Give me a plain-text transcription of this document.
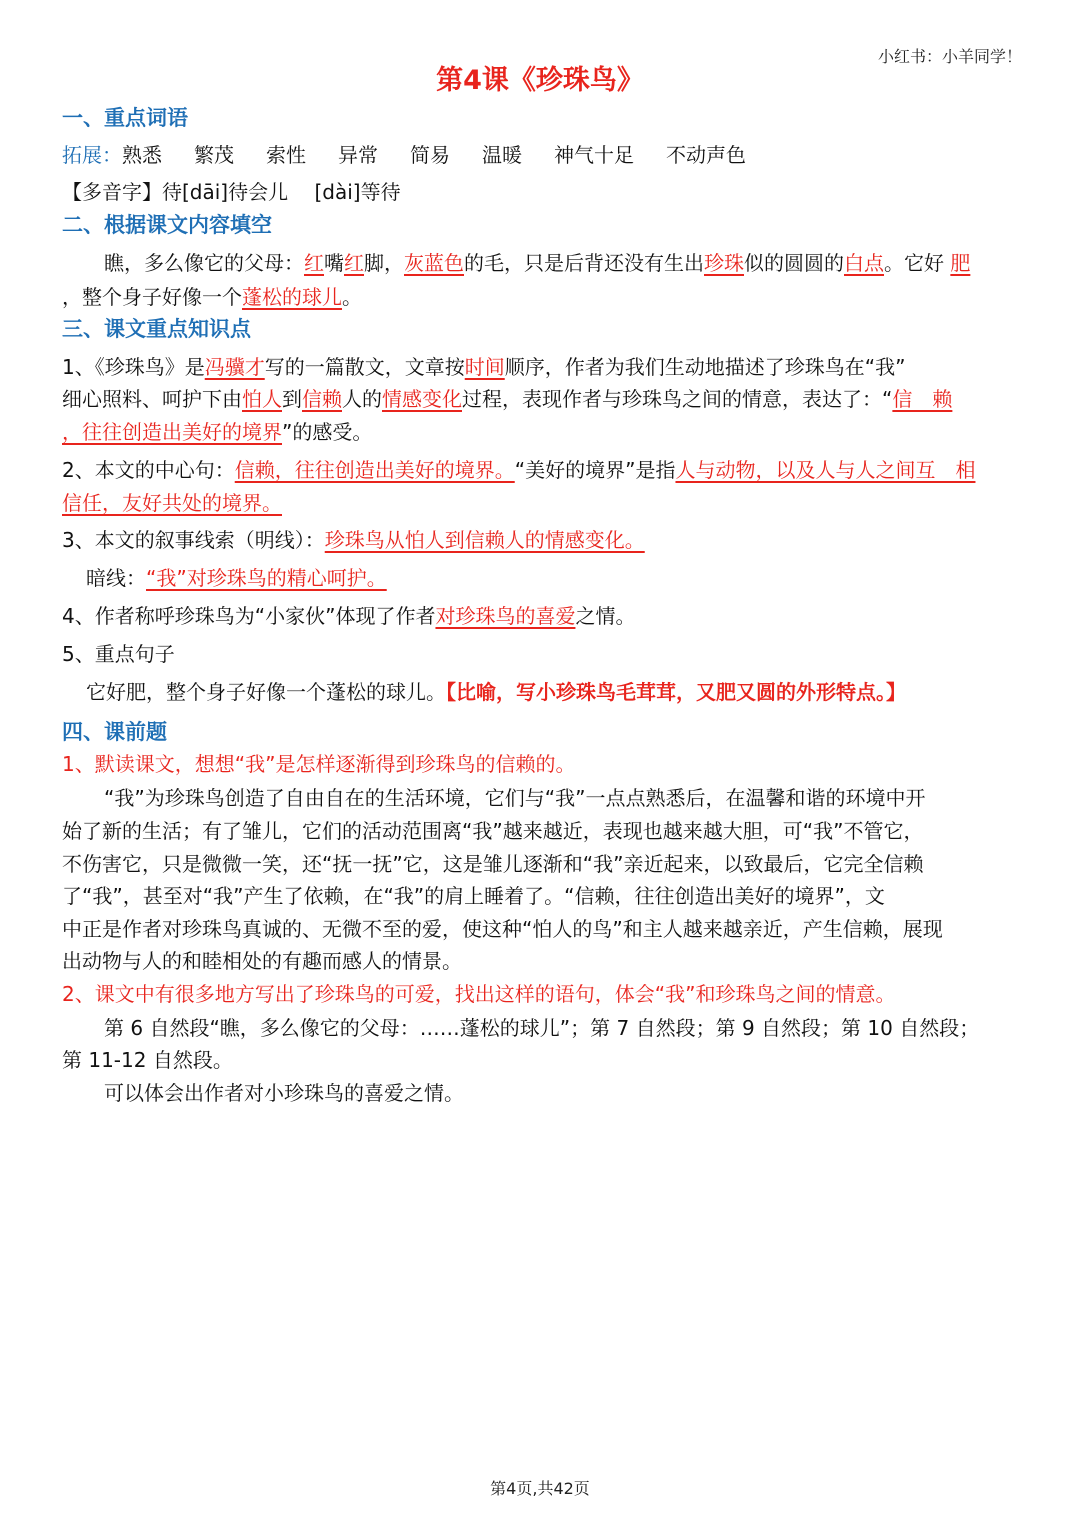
小红书：小羊同学！
第4课《珍珠鸟》
一、重点词语
拓展：熟悉 繁茂 索性 异常 简易 温暖 神气十足 不动声色
【多音字】待[dāi]待会儿　 [dài]等待
二、根据课文内容填空
瞧，多么像它的父母：红嘴红脚，灰蓝色的毛，只是后背还没有生出珍珠似的圆圆的白点。它好 肥
，整个身子好像一个蓬松的球儿。
三、课文重点知识点
1、《珍珠鸟》是冯骥才写的一篇散文，文章按时间顺序，作者为我们生动地描述了珍珠鸟在“我”
细心照料、呵护下由怕人到信赖人的情感变化过程，表现作者与珍珠鸟之间的情意，表达了：“信　赖
，往往创造出美好的境界”的感受。
2、本文的中心句：信赖，往往创造出美好的境界。“美好的境界”是指人与动物，以及人与人之间互　相
信任，友好共处的境界。
3、本文的叙事线索（明线）：珍珠鸟从怕人到信赖人的情感变化。
暗线：“我”对珍珠鸟的精心呵护。
4、作者称呼珍珠鸟为“小家伙”体现了作者对珍珠鸟的喜爱之情。
5、重点句子
它好肥，整个身子好像一个蓬松的球儿。【比喻，写小珍珠鸟毛茸茸，又肥又圆的外形特点。】
四、课前题
1、默读课文，想想“我”是怎样逐渐得到珍珠鸟的信赖的。
“我”为珍珠鸟创造了自由自在的生活环境，它们与“我”一点点熟悉后，在温馨和谐的环境中开
始了新的生活；有了雏儿，它们的活动范围离“我”越来越近，表现也越来越大胆，可“我”不管它，
不伤害它，只是微微一笑，还“抚一抚”它，这是雏儿逐渐和“我”亲近起来，以致最后，它完全信赖
了“我”，甚至对“我”产生了依赖，在“我”的肩上睡着了。“信赖，往往创造出美好的境界”，文
中正是作者对珍珠鸟真诚的、无微不至的爱，使这种“怕人的鸟”和主人越来越亲近，产生信赖，展现
出动物与人的和睦相处的有趣而感人的情景。
2、课文中有很多地方写出了珍珠鸟的可爱，找出这样的语句，体会“我”和珍珠鸟之间的情意。
第 6 自然段“瞧，多么像它的父母：……蓬松的球儿”；第 7 自然段；第 9 自然段；第 10 自然段；
第 11-12 自然段。
可以体会出作者对小珍珠鸟的喜爱之情。
第4页,共42页
